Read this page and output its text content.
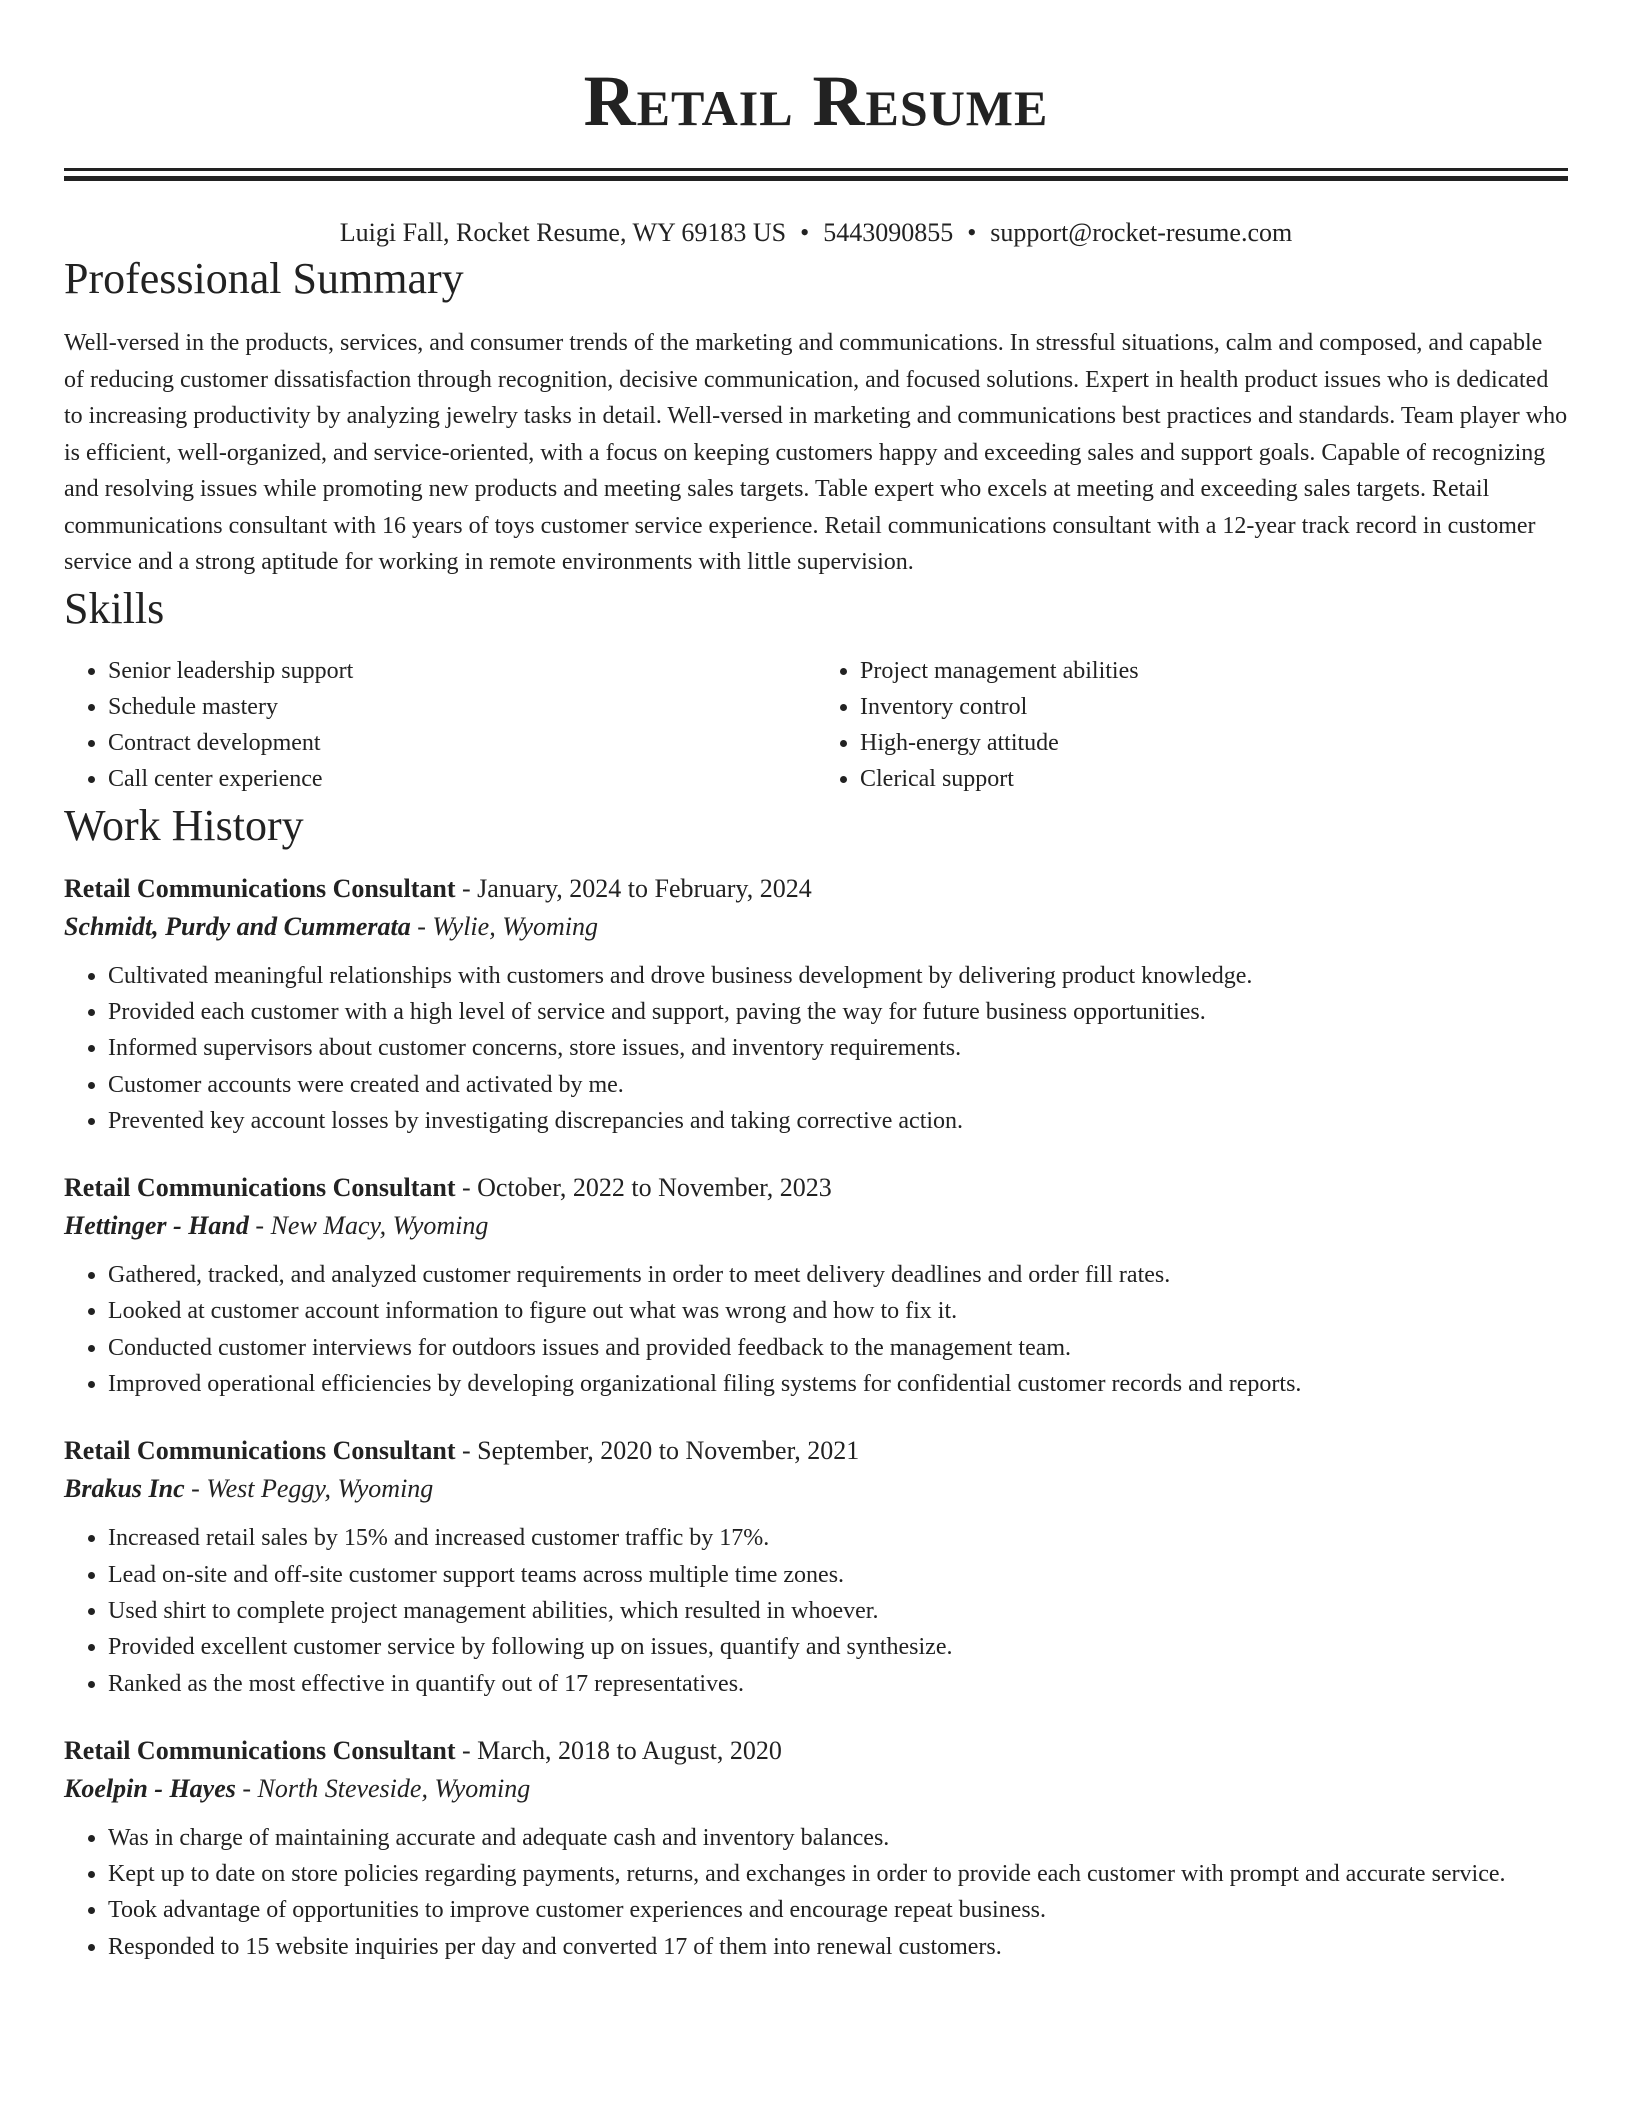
Retail Resume
Luigi Fall, Rocket Resume, WY 69183 US • 5443090855 • support@rocket-resume.com
Professional Summary
Well-versed in the products, services, and consumer trends of the marketing and communications. In stressful situations, calm and composed, and capable of reducing customer dissatisfaction through recognition, decisive communication, and focused solutions. Expert in health product issues who is dedicated to increasing productivity by analyzing jewelry tasks in detail. Well-versed in marketing and communications best practices and standards. Team player who is efficient, well-organized, and service-oriented, with a focus on keeping customers happy and exceeding sales and support goals. Capable of recognizing and resolving issues while promoting new products and meeting sales targets. Table expert who excels at meeting and exceeding sales targets. Retail communications consultant with 16 years of toys customer service experience. Retail communications consultant with a 12-year track record in customer service and a strong aptitude for working in remote environments with little supervision.
Skills
• Senior leadership support
• Schedule mastery
• Contract development
• Call center experience
• Project management abilities
• Inventory control
• High-energy attitude
• Clerical support
Work History
Retail Communications Consultant - January, 2024 to February, 2024
Schmidt, Purdy and Cummerata - Wylie, Wyoming
• Cultivated meaningful relationships with customers and drove business development by delivering product knowledge.
• Provided each customer with a high level of service and support, paving the way for future business opportunities.
• Informed supervisors about customer concerns, store issues, and inventory requirements.
• Customer accounts were created and activated by me.
• Prevented key account losses by investigating discrepancies and taking corrective action.
Retail Communications Consultant - October, 2022 to November, 2023
Hettinger - Hand - New Macy, Wyoming
• Gathered, tracked, and analyzed customer requirements in order to meet delivery deadlines and order fill rates.
• Looked at customer account information to figure out what was wrong and how to fix it.
• Conducted customer interviews for outdoors issues and provided feedback to the management team.
• Improved operational efficiencies by developing organizational filing systems for confidential customer records and reports.
Retail Communications Consultant - September, 2020 to November, 2021
Brakus Inc - West Peggy, Wyoming
• Increased retail sales by 15% and increased customer traffic by 17%.
• Lead on-site and off-site customer support teams across multiple time zones.
• Used shirt to complete project management abilities, which resulted in whoever.
• Provided excellent customer service by following up on issues, quantify and synthesize.
• Ranked as the most effective in quantify out of 17 representatives.
Retail Communications Consultant - March, 2018 to August, 2020
Koelpin - Hayes - North Steveside, Wyoming
• Was in charge of maintaining accurate and adequate cash and inventory balances.
• Kept up to date on store policies regarding payments, returns, and exchanges in order to provide each customer with prompt and accurate service.
• Took advantage of opportunities to improve customer experiences and encourage repeat business.
• Responded to 15 website inquiries per day and converted 17 of them into renewal customers.
